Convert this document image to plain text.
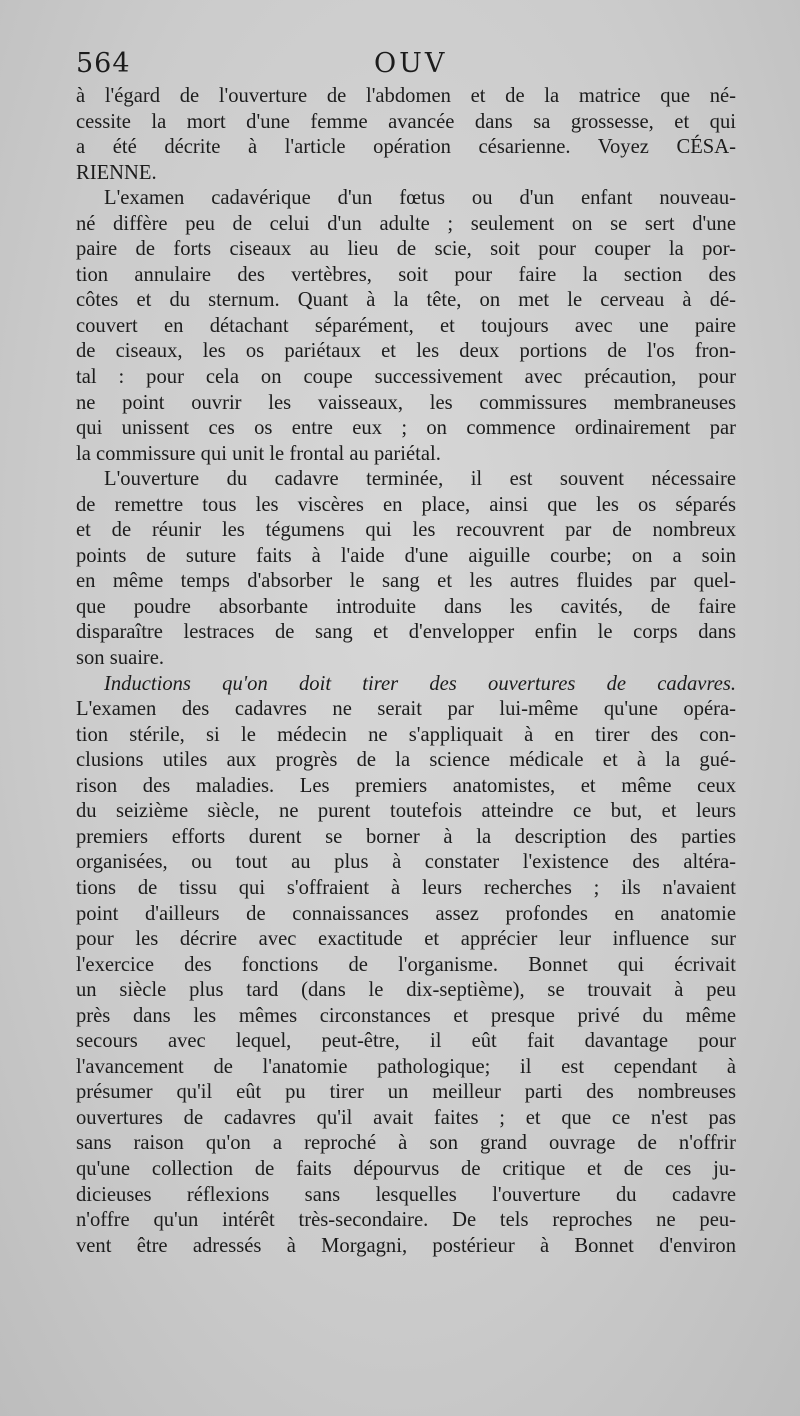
564	OUV
à l'égard de l'ouverture de l'abdomen et de la matrice que né-
cessite la mort d'une femme avancée dans sa grossesse, et qui
a été décrite à l'article opération césarienne. Voyez CÉSA-
RIENNE.
L'examen cadavérique d'un fœtus ou d'un enfant nouveau-
né diffère peu de celui d'un adulte ; seulement on se sert d'une
paire de forts ciseaux au lieu de scie, soit pour couper la por-
tion annulaire des vertèbres, soit pour faire la section des
côtes et du sternum. Quant à la tête, on met le cerveau à dé-
couvert en détachant séparément, et toujours avec une paire
de ciseaux, les os pariétaux et les deux portions de l'os fron-
tal : pour cela on coupe successivement avec précaution, pour
ne point ouvrir les vaisseaux, les commissures membraneuses
qui unissent ces os entre eux ; on commence ordinairement par
la commissure qui unit le frontal au pariétal.
L'ouverture du cadavre terminée, il est souvent nécessaire
de remettre tous les viscères en place, ainsi que les os séparés
et de réunir les tégumens qui les recouvrent par de nombreux
points de suture faits à l'aide d'une aiguille courbe; on a soin
en même temps d'absorber le sang et les autres fluides par quel-
que poudre absorbante introduite dans les cavités, de faire
disparaître lestraces de sang et d'envelopper enfin le corps dans
son suaire.
Inductions qu'on doit tirer des ouvertures de cadavres.
L'examen des cadavres ne serait par lui-même qu'une opéra-
tion stérile, si le médecin ne s'appliquait à en tirer des con-
clusions utiles aux progrès de la science médicale et à la gué-
rison des maladies. Les premiers anatomistes, et même ceux
du seizième siècle, ne purent toutefois atteindre ce but, et leurs
premiers efforts durent se borner à la description des parties
organisées, ou tout au plus à constater l'existence des altéra-
tions de tissu qui s'offraient à leurs recherches ; ils n'avaient
point d'ailleurs de connaissances assez profondes en anatomie
pour les décrire avec exactitude et apprécier leur influence sur
l'exercice des fonctions de l'organisme. Bonnet qui écrivait
un siècle plus tard (dans le dix-septième), se trouvait à peu
près dans les mêmes circonstances et presque privé du même
secours avec lequel, peut-être, il eût fait davantage pour
l'avancement de l'anatomie pathologique; il est cependant à
présumer qu'il eût pu tirer un meilleur parti des nombreuses
ouvertures de cadavres qu'il avait faites ; et que ce n'est pas
sans raison qu'on a reproché à son grand ouvrage de n'offrir
qu'une collection de faits dépourvus de critique et de ces ju-
dicieuses réflexions sans lesquelles l'ouverture du cadavre
n'offre qu'un intérêt très-secondaire. De tels reproches ne peu-
vent être adressés à Morgagni, postérieur à Bonnet d'environ
